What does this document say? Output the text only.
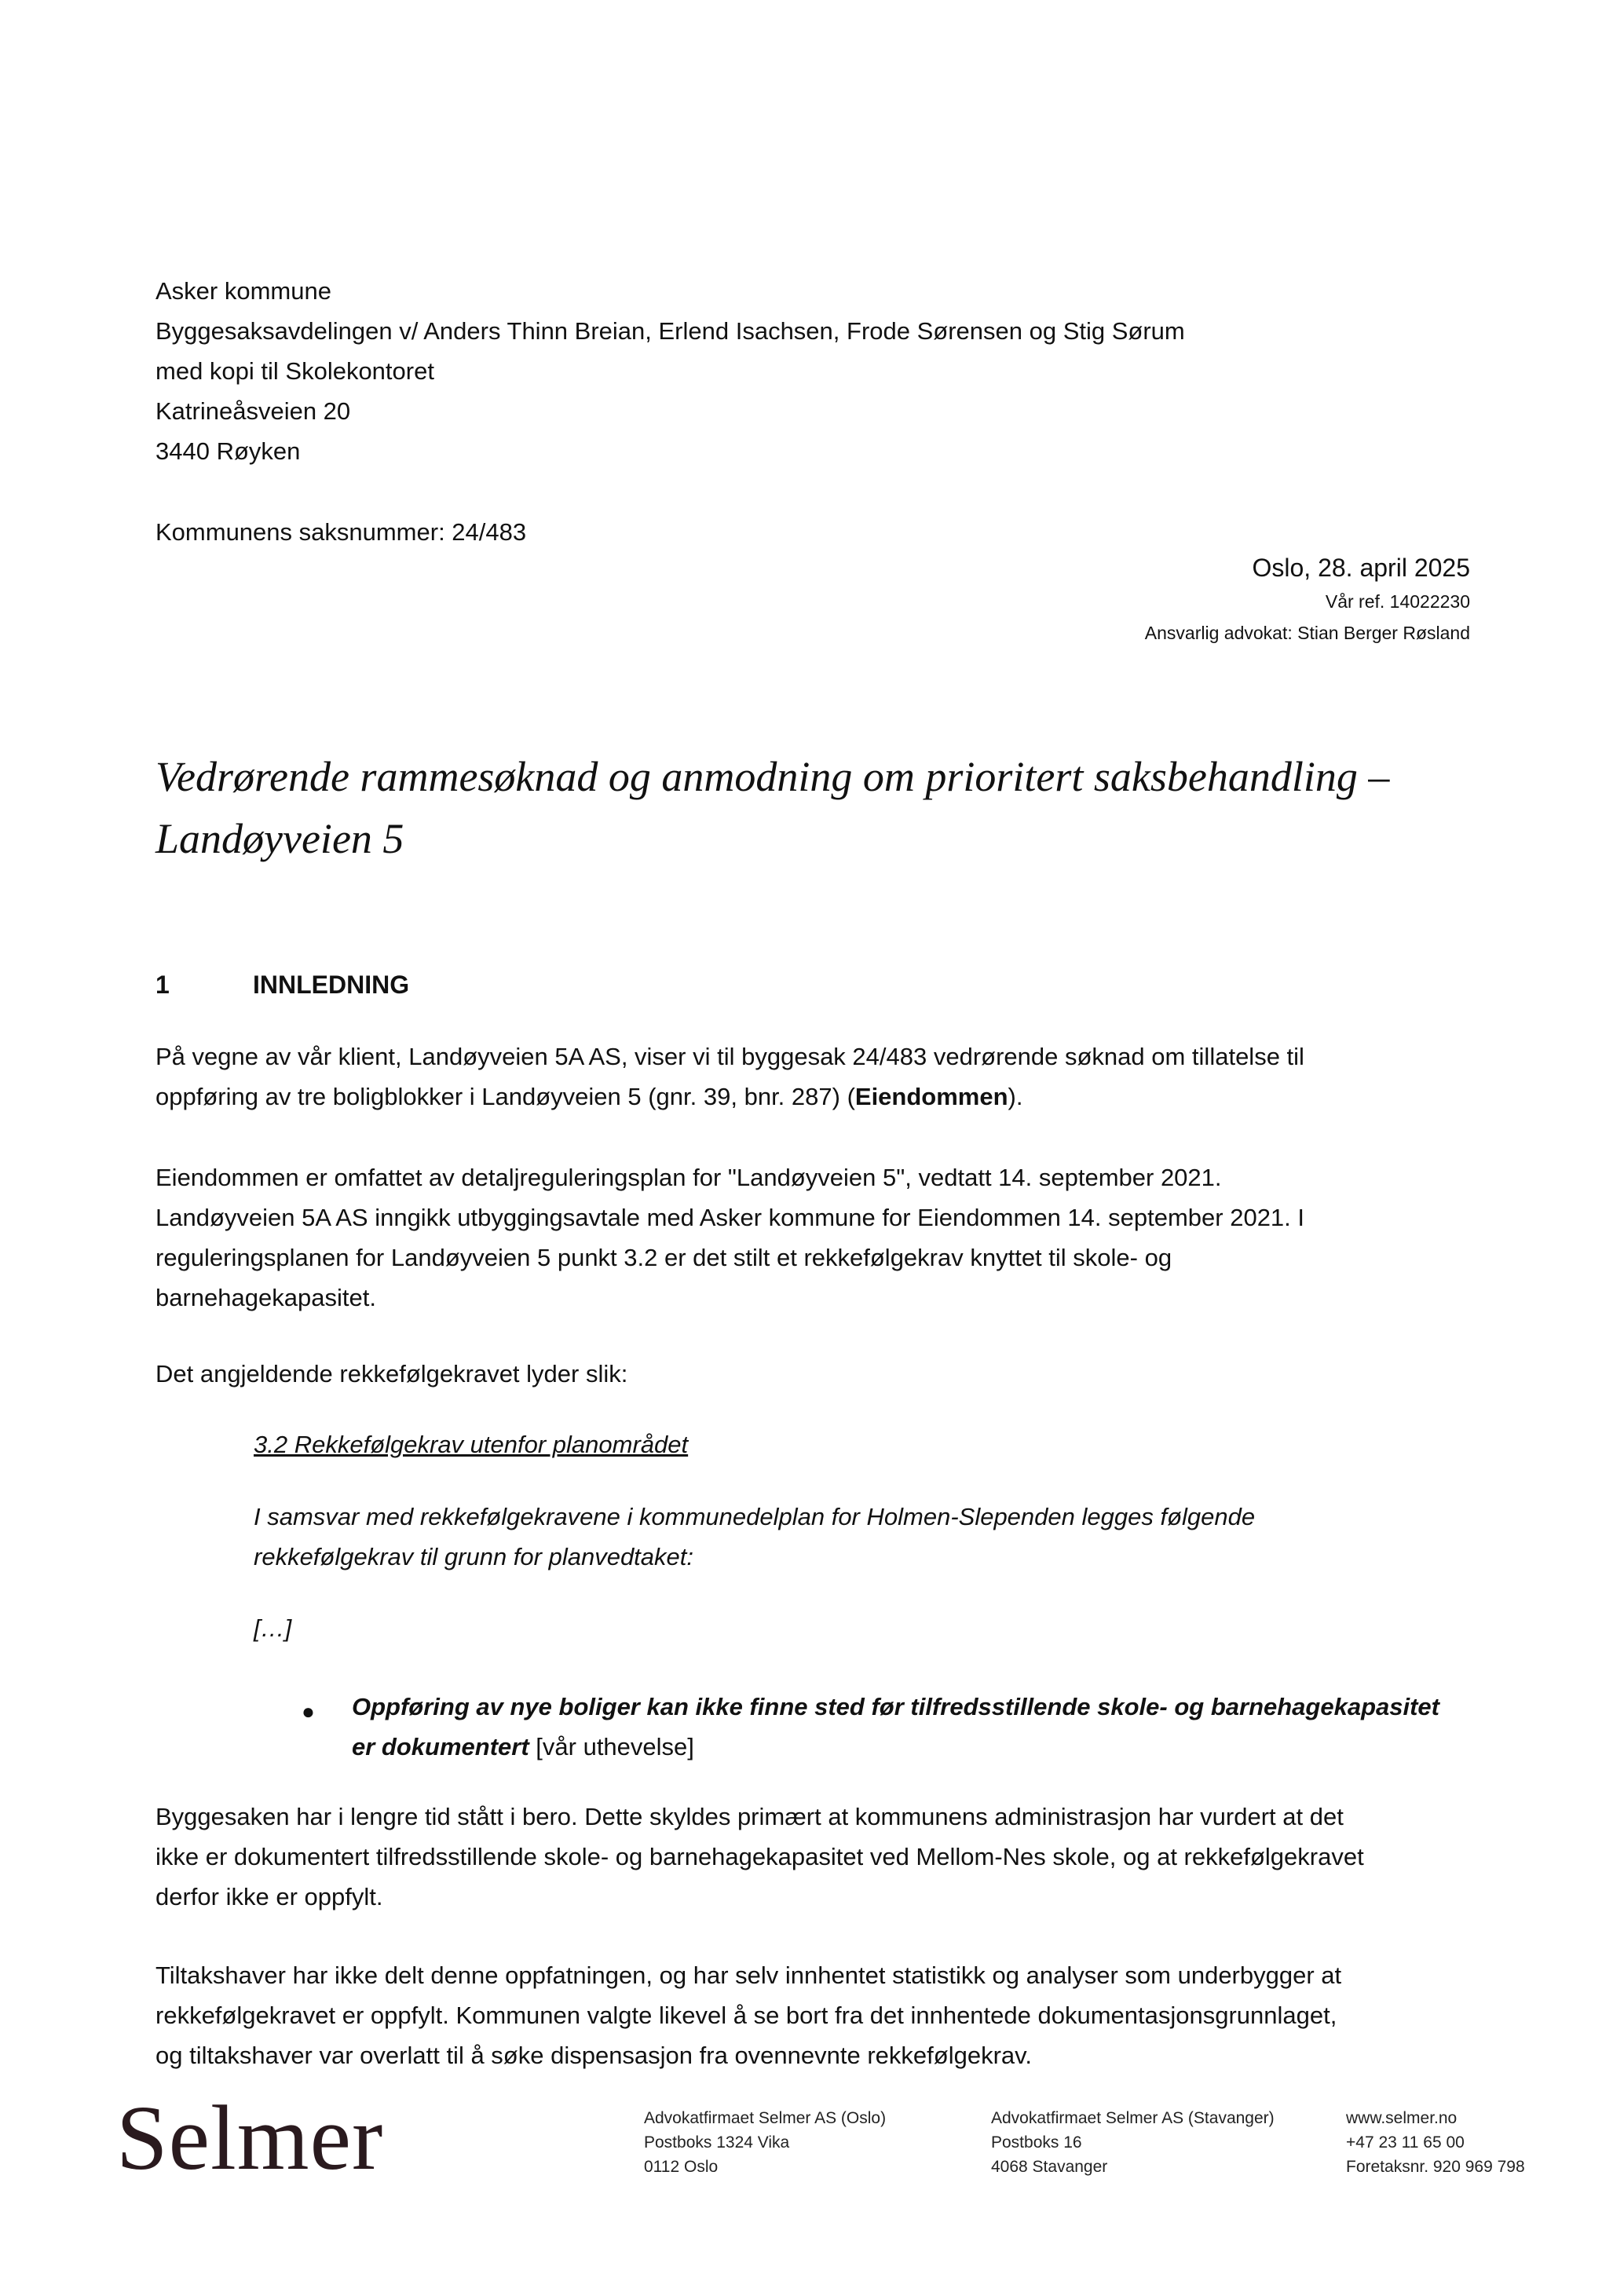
Asker kommune
Byggesaksavdelingen v/ Anders Thinn Breian, Erlend Isachsen, Frode Sørensen og Stig Sørum
med kopi til Skolekontoret
Katrineåsveien 20
3440 Røyken
Kommunens saksnummer: 24/483
Oslo, 28. april 2025
Vår ref. 14022230
Ansvarlig advokat: Stian Berger Røsland
Vedrørende rammesøknad og anmodning om prioritert saksbehandling – Landøyveien 5
1	INNLEDNING
På vegne av vår klient, Landøyveien 5A AS, viser vi til byggesak 24/483 vedrørende søknad om tillatelse til
oppføring av tre boligblokker i Landøyveien 5 (gnr. 39, bnr. 287) (Eiendommen).
Eiendommen er omfattet av detaljreguleringsplan for "Landøyveien 5", vedtatt 14. september 2021.
Landøyveien 5A AS inngikk utbyggingsavtale med Asker kommune for Eiendommen 14. september 2021. I
reguleringsplanen for Landøyveien 5 punkt 3.2 er det stilt et rekkefølgekrav knyttet til skole- og
barnehagekapasitet.
Det angjeldende rekkefølgekravet lyder slik:
3.2 Rekkefølgekrav utenfor planområdet
I samsvar med rekkefølgekravene i kommunedelplan for Holmen-Slependen legges følgende
rekkefølgekrav til grunn for planvedtaket:
[…]
● Oppføring av nye boliger kan ikke finne sted før tilfredsstillende skole- og barnehagekapasitet
er dokumentert [vår uthevelse]
Byggesaken har i lengre tid stått i bero. Dette skyldes primært at kommunens administrasjon har vurdert at det
ikke er dokumentert tilfredsstillende skole- og barnehagekapasitet ved Mellom-Nes skole, og at rekkefølgekravet
derfor ikke er oppfylt.
Tiltakshaver har ikke delt denne oppfatningen, og har selv innhentet statistikk og analyser som underbygger at
rekkefølgekravet er oppfylt. Kommunen valgte likevel å se bort fra det innhentede dokumentasjonsgrunnlaget,
og tiltakshaver var overlatt til å søke dispensasjon fra ovennevnte rekkefølgekrav.
Selmer	Advokatfirmaet Selmer AS (Oslo)
Postboks 1324 Vika
0112 Oslo
Advokatfirmaet Selmer AS (Stavanger)
Postboks 16
4068 Stavanger
www.selmer.no
+47 23 11 65 00
Foretaksnr. 920 969 798
